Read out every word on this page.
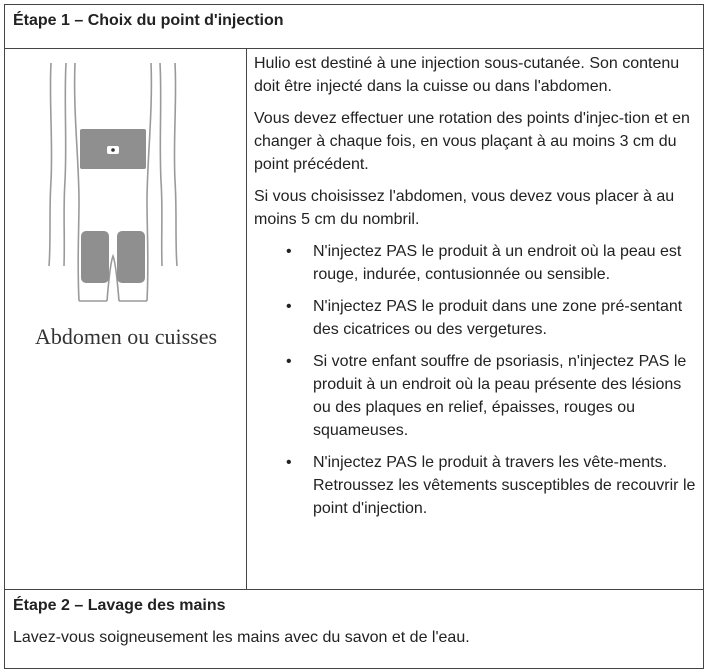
Étape 1 – Choix du point d'injection
Abdomen ou cuisses

Hulio est destiné à une injection sous-cutanée. Son contenu doit être injecté dans la cuisse ou dans l'abdomen.

Vous devez effectuer une rotation des points d'injec-tion et en changer à chaque fois, en vous plaçant à au moins 3 cm du point précédent.

Si vous choisissez l'abdomen, vous devez vous placer à au moins 5 cm du nombril.

• N'injectez PAS le produit à un endroit où la peau est rouge, indurée, contusionnée ou sensible.
• N'injectez PAS le produit dans une zone pré-sentant des cicatrices ou des vergetures.
• Si votre enfant souffre de psoriasis, n'injectez PAS le produit à un endroit où la peau présente des lésions ou des plaques en relief, épaisses, rouges ou squameuses.
• N'injectez PAS le produit à travers les vête-ments. Retroussez les vêtements susceptibles de recouvrir le point d'injection.
Étape 2 – Lavage des mains
Lavez-vous soigneusement les mains avec du savon et de l'eau.
